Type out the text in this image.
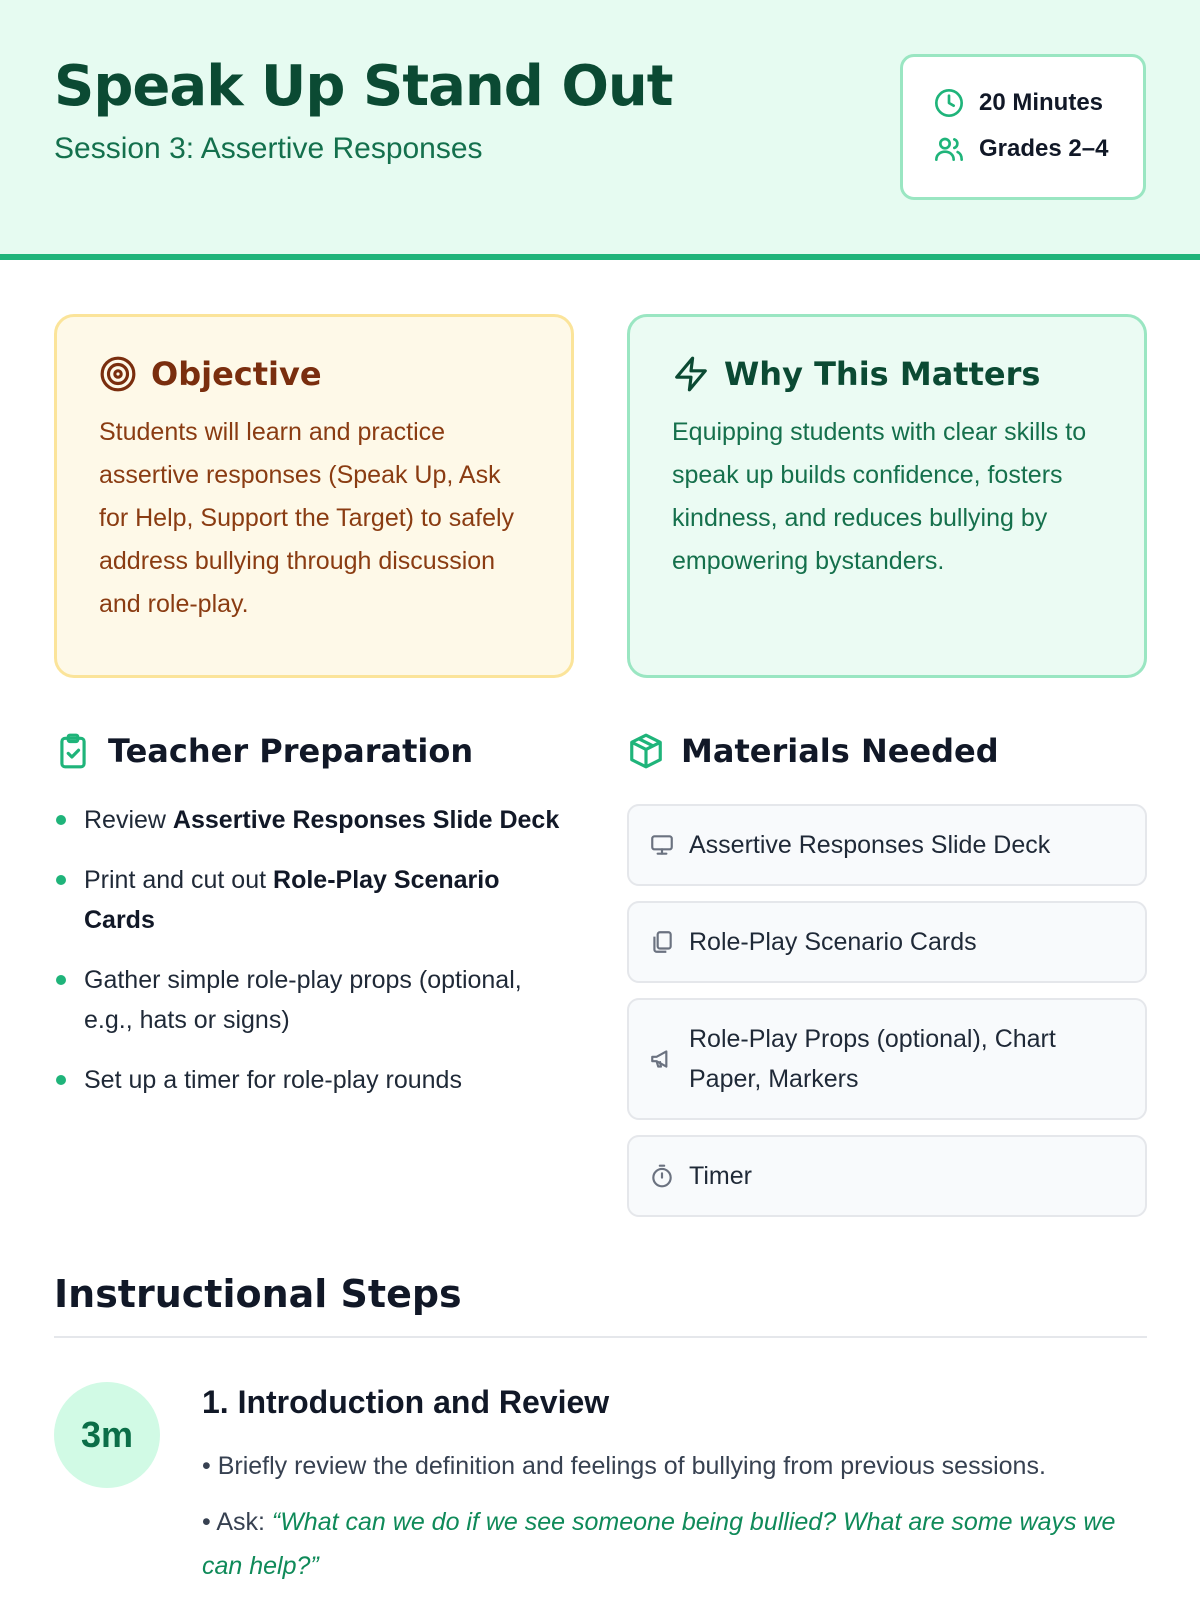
Speak Up Stand Out
Session 3: Assertive Responses
20 Minutes
Grades 2–4
Objective

Students will learn and practice assertive responses (Speak Up, Ask for Help, Support the Target) to safely address bullying through discussion and role-play.

Why This Matters

Equipping students with clear skills to speak up builds confidence, fosters kindness, and reduces bullying by empowering bystanders.

Teacher Preparation
Review Assertive Responses Slide Deck
Print and cut out Role-Play Scenario Cards
Gather simple role-play props (optional, e.g., hats or signs)
Set up a timer for role-play rounds
Materials Needed
Assertive Responses Slide Deck
Role-Play Scenario Cards
Role-Play Props (optional), Chart Paper, Markers
Timer
Instructional Steps
3m
1. Introduction and Review

• Briefly review the definition and feelings of bullying from previous sessions.

• Ask: “What can we do if we see someone being bullied? What are some ways we can help?”
